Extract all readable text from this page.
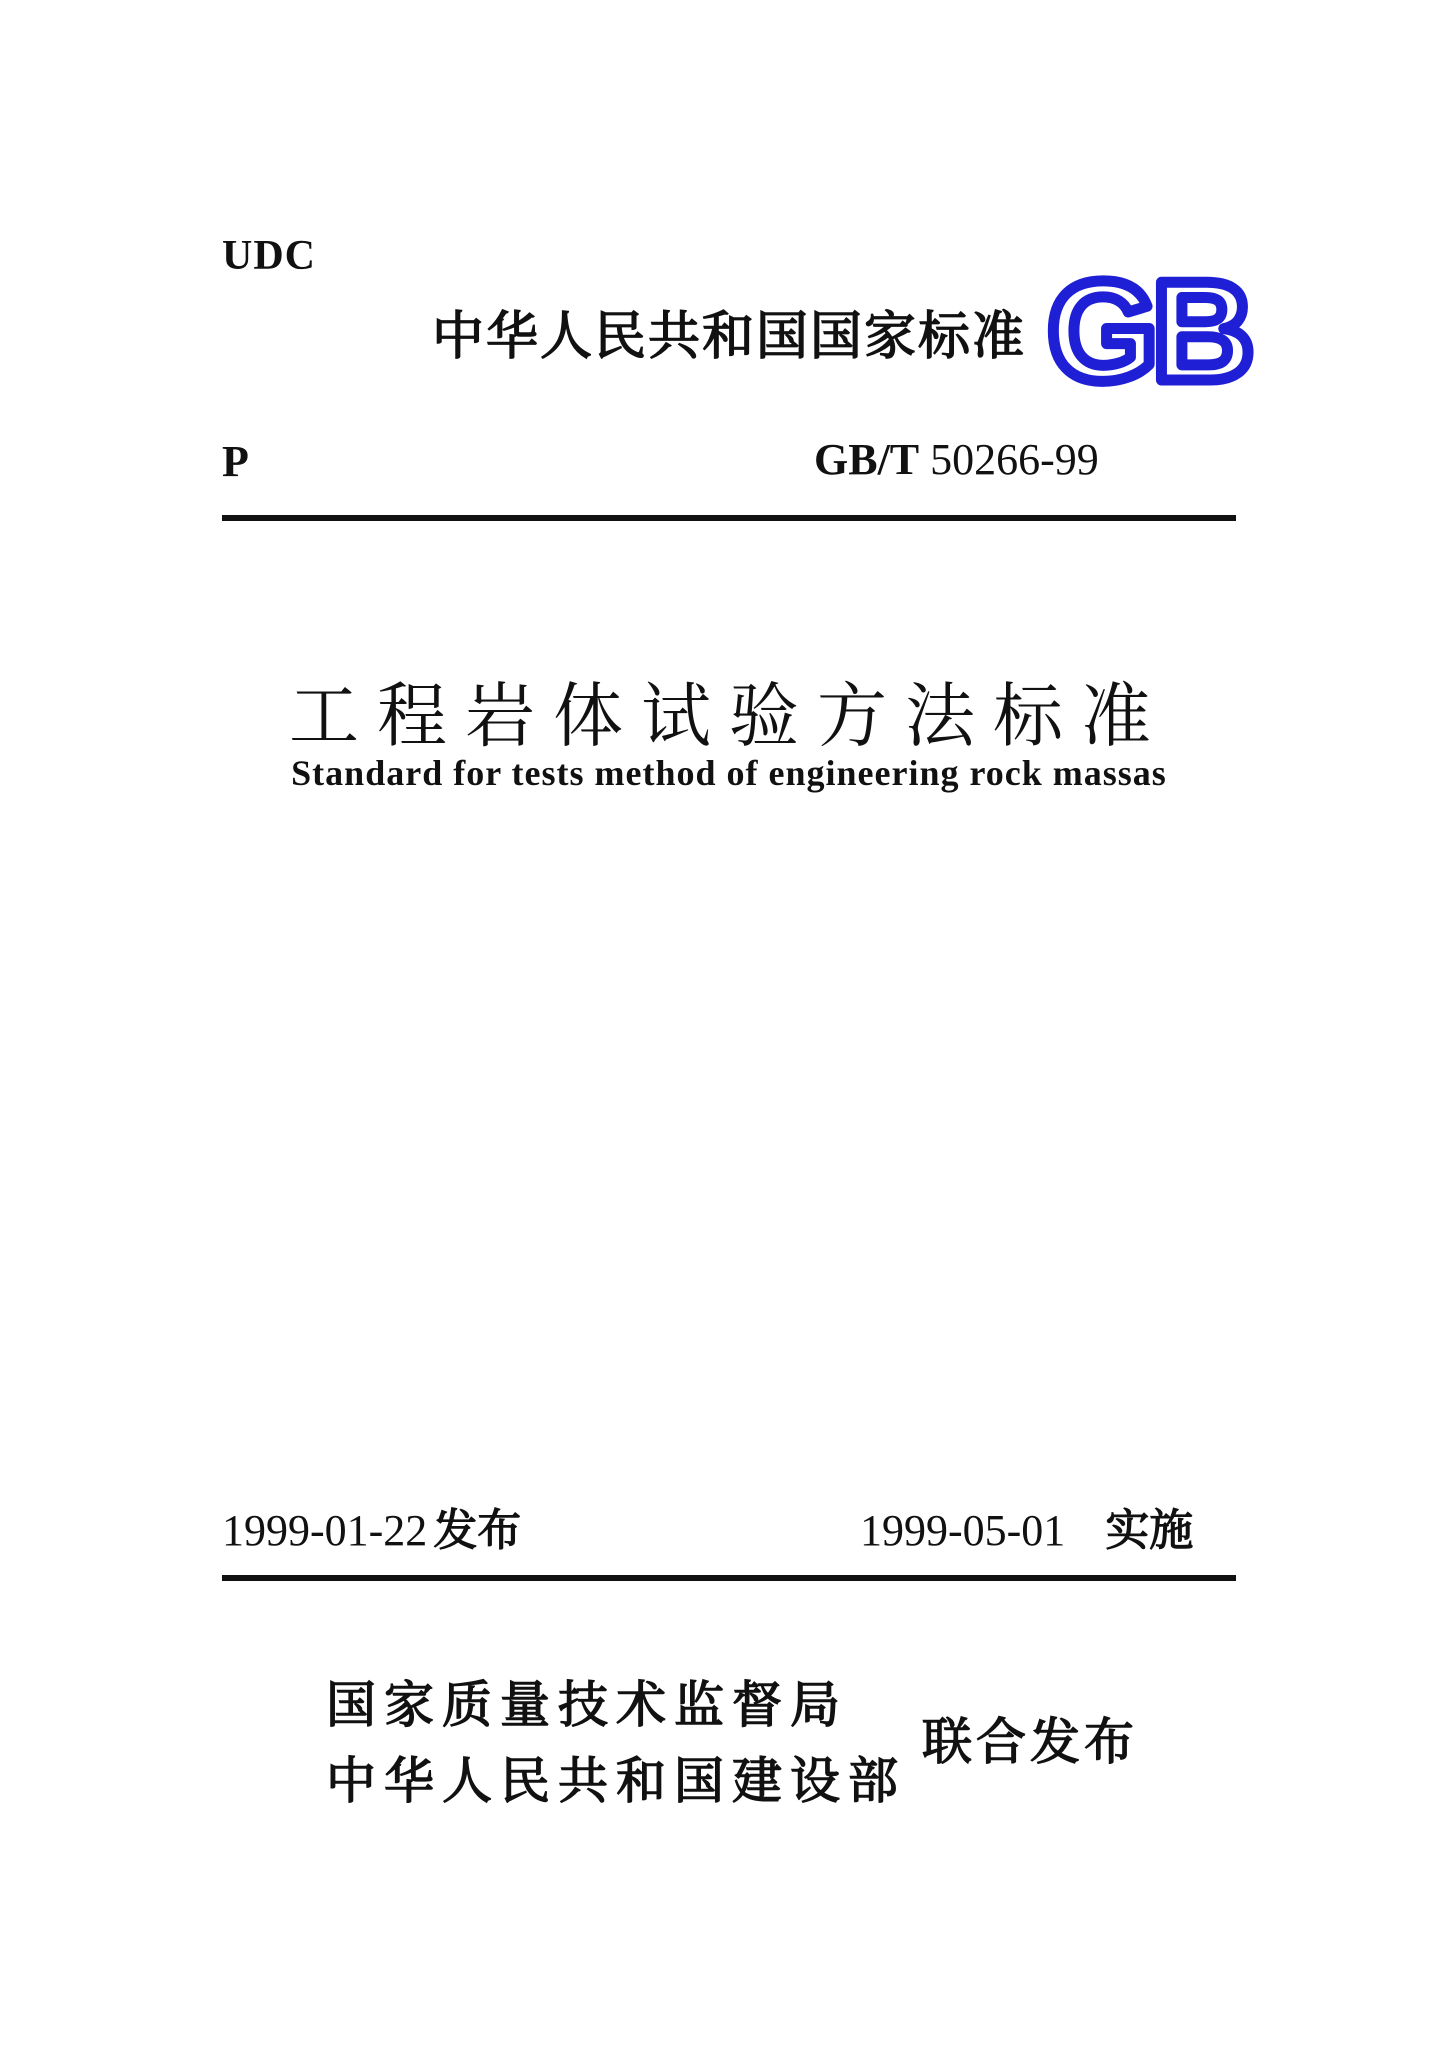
UDC
中华人民共和国国家标准 GB
P	GB/T 50266-99
工程岩体试验方法标准
Standard for tests method of engineering rock massas
1999-01-22 发布	1999-05-01 实施
国家质量技术监督局
中华人民共和国建设部
联合发布
